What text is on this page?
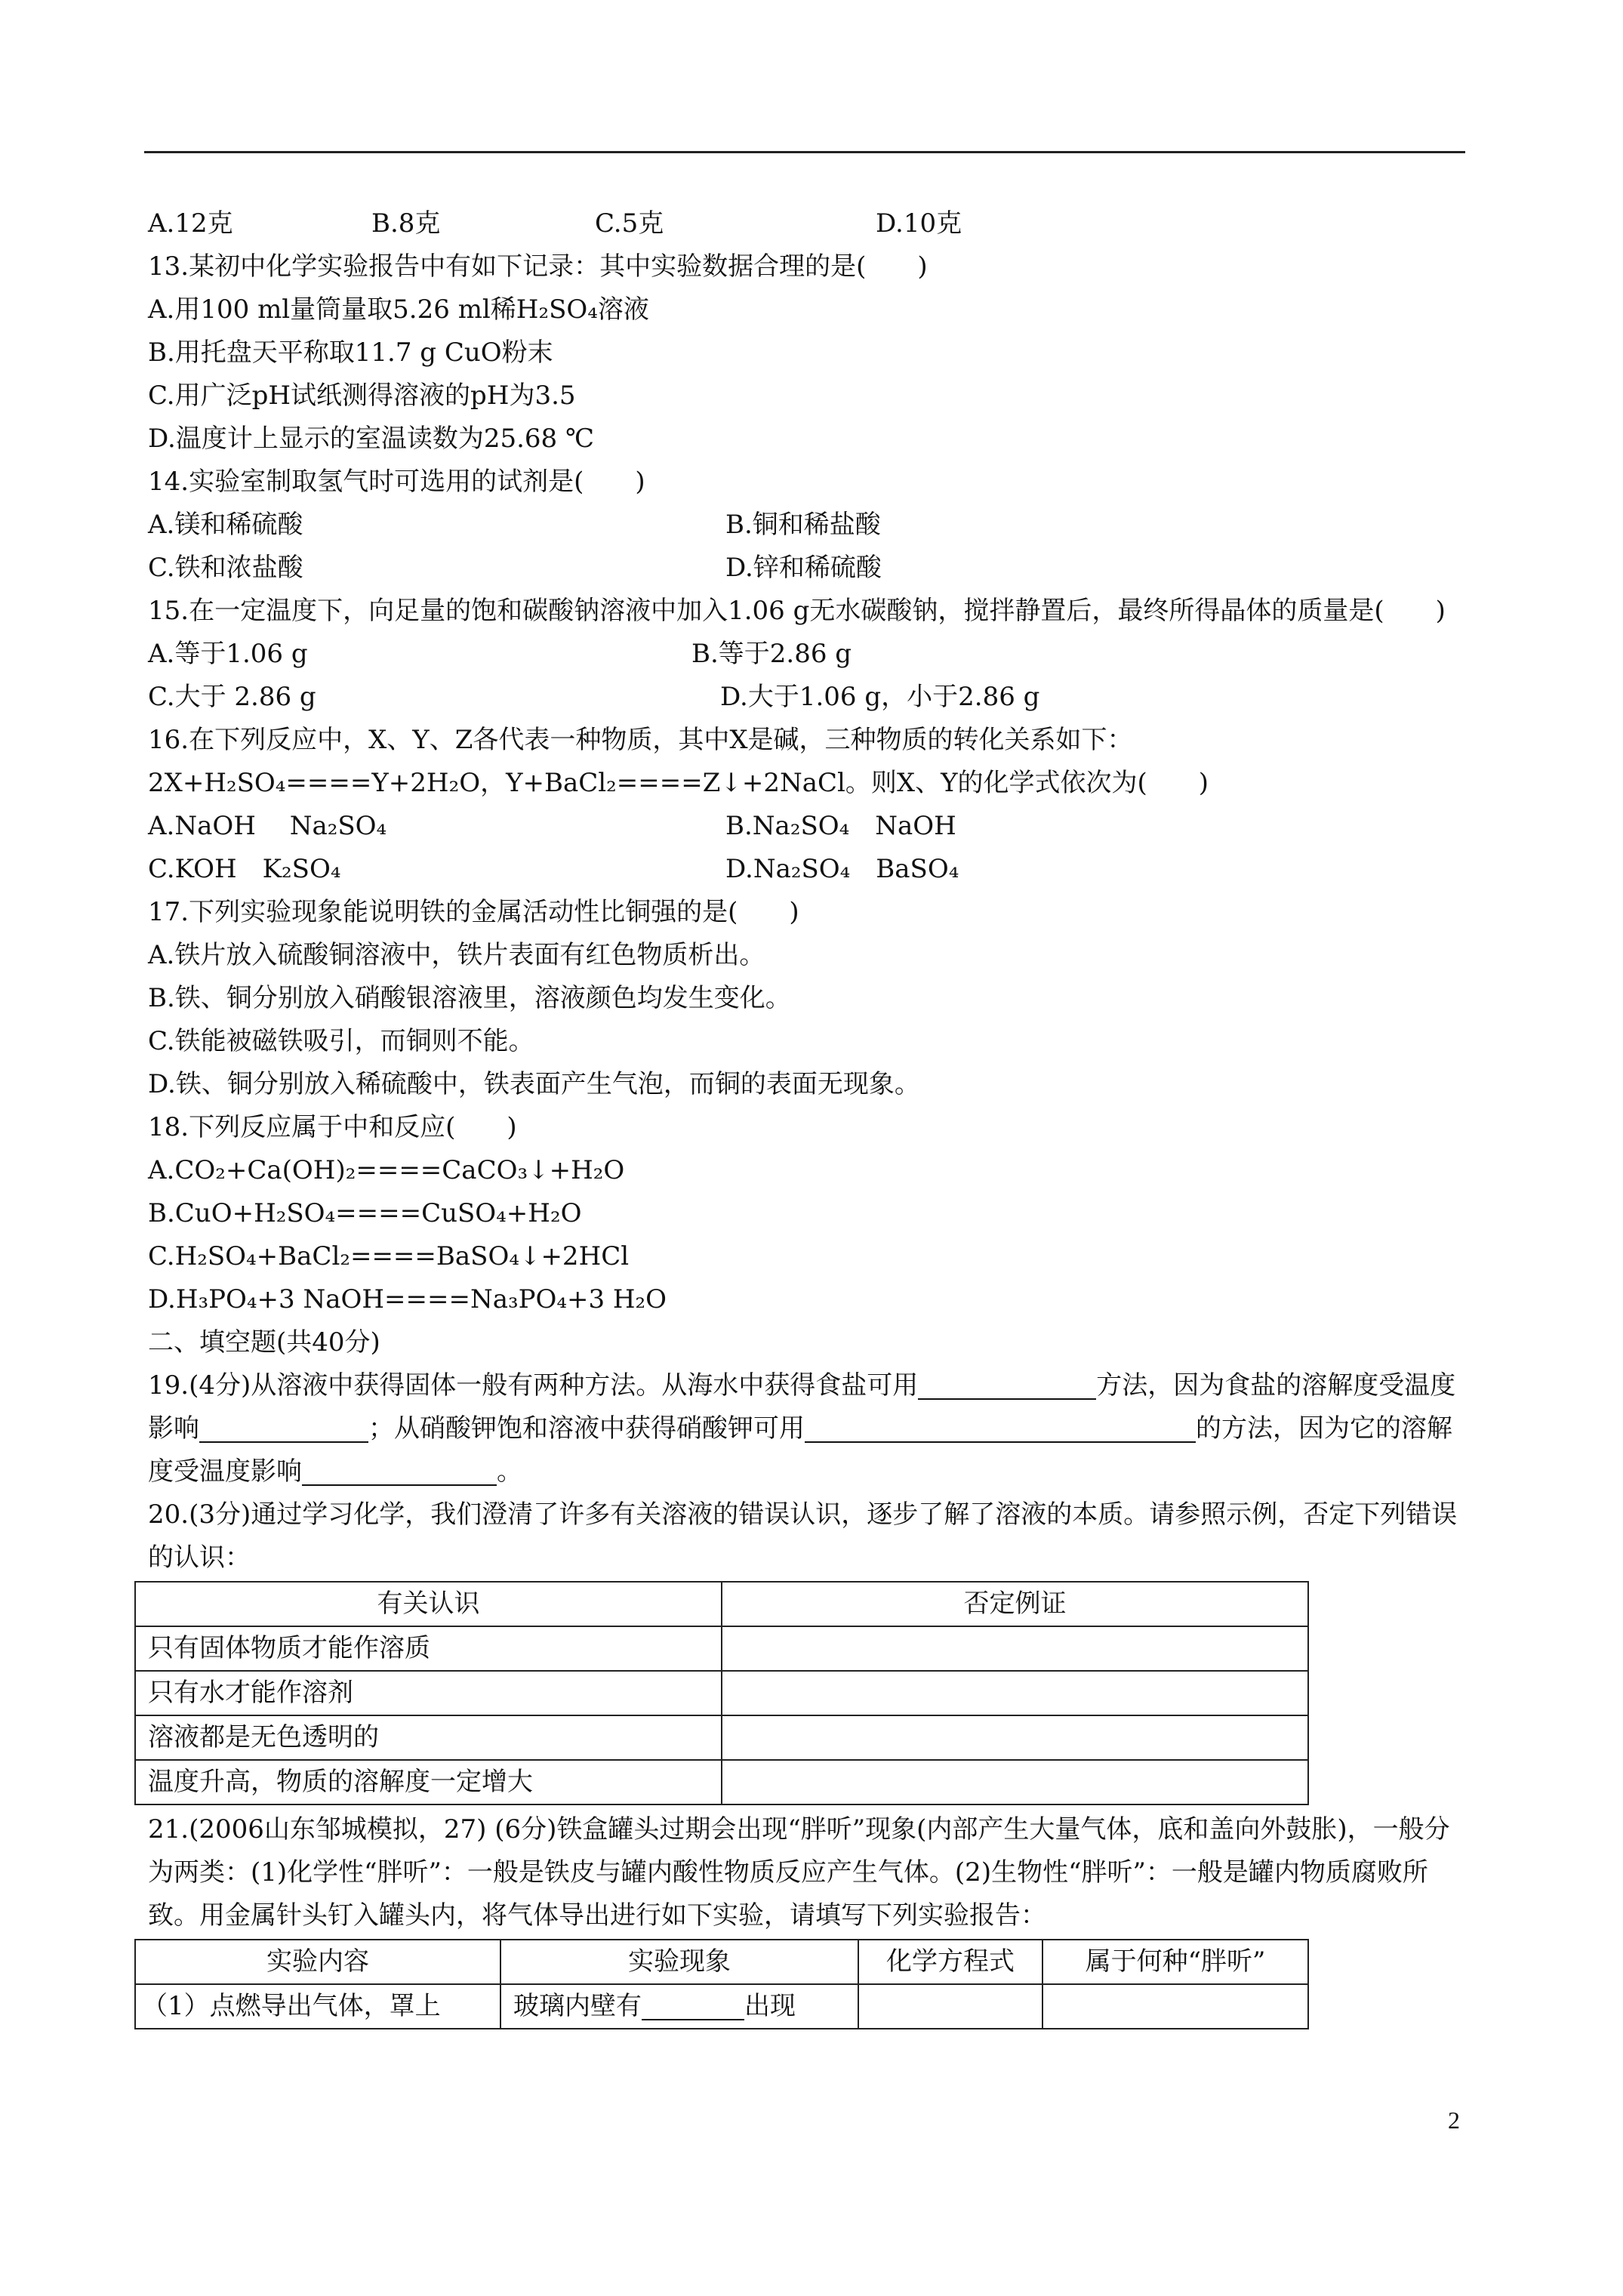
A.12克	B.8克	C.5克	D.10克
13.某初中化学实验报告中有如下记录：其中实验数据合理的是(　　)
A.用100 ml量筒量取5.26 ml稀H₂SO₄溶液
B.用托盘天平称取11.7 g CuO粉末
C.用广泛pH试纸测得溶液的pH为3.5
D.温度计上显示的室温读数为25.68 ℃
14.实验室制取氢气时可选用的试剂是(　　)
A.镁和稀硫酸	B.铜和稀盐酸
C.铁和浓盐酸	D.锌和稀硫酸
15.在一定温度下，向足量的饱和碳酸钠溶液中加入1.06 g无水碳酸钠，搅拌静置后，最终所得晶体的质量是(　　)
A.等于1.06 g	B.等于2.86 g
C.大于 2.86 g	D.大于1.06 g，小于2.86 g
16.在下列反应中，X、Y、Z各代表一种物质，其中X是碱，三种物质的转化关系如下：2X+H₂SO₄====Y+2H₂O，Y+BaCl₂====Z↓+2NaCl。则X、Y的化学式依次为(　　)
A.NaOH　 Na₂SO₄	B.Na₂SO₄　NaOH
C.KOH　K₂SO₄	D.Na₂SO₄　BaSO₄
17.下列实验现象能说明铁的金属活动性比铜强的是(　　)
A.铁片放入硫酸铜溶液中，铁片表面有红色物质析出。
B.铁、铜分别放入硝酸银溶液里，溶液颜色均发生变化。
C.铁能被磁铁吸引，而铜则不能。
D.铁、铜分别放入稀硫酸中，铁表面产生气泡，而铜的表面无现象。
18.下列反应属于中和反应(　　)
A.CO₂+Ca(OH)₂====CaCO₃↓+H₂O
B.CuO+H₂SO₄====CuSO₄+H₂O
C.H₂SO₄+BaCl₂====BaSO₄↓+2HCl
D.H₃PO₄+3 NaOH====Na₃PO₄+3 H₂O
二、填空题(共40分)
19.(4分)从溶液中获得固体一般有两种方法。从海水中获得食盐可用	方法，因为食盐的溶解度受温度影响	；从硝酸钾饱和溶液中获得硝酸钾可用	的方法，因为它的溶解度受温度影响	。
20.(3分)通过学习化学，我们澄清了许多有关溶液的错误认识，逐步了解了溶液的本质。请参照示例，否定下列错误的认识：
有关认识	否定例证
只有固体物质才能作溶质	
只有水才能作溶剂	
溶液都是无色透明的	
温度升高，物质的溶解度一定增大	
21.(2006山东邹城模拟，27) (6分)铁盒罐头过期会出现“胖听”现象(内部产生大量气体，底和盖向外鼓胀)，一般分为两类：(1)化学性“胖听”：一般是铁皮与罐内酸性物质反应产生气体。(2)生物性“胖听”：一般是罐内物质腐败所致。用金属针头钉入罐头内，将气体导出进行如下实验，请填写下列实验报告：
实验内容	实验现象	化学方程式	属于何种“胖听”
（1）点燃导出气体，罩上	玻璃内壁有 出现		
2
